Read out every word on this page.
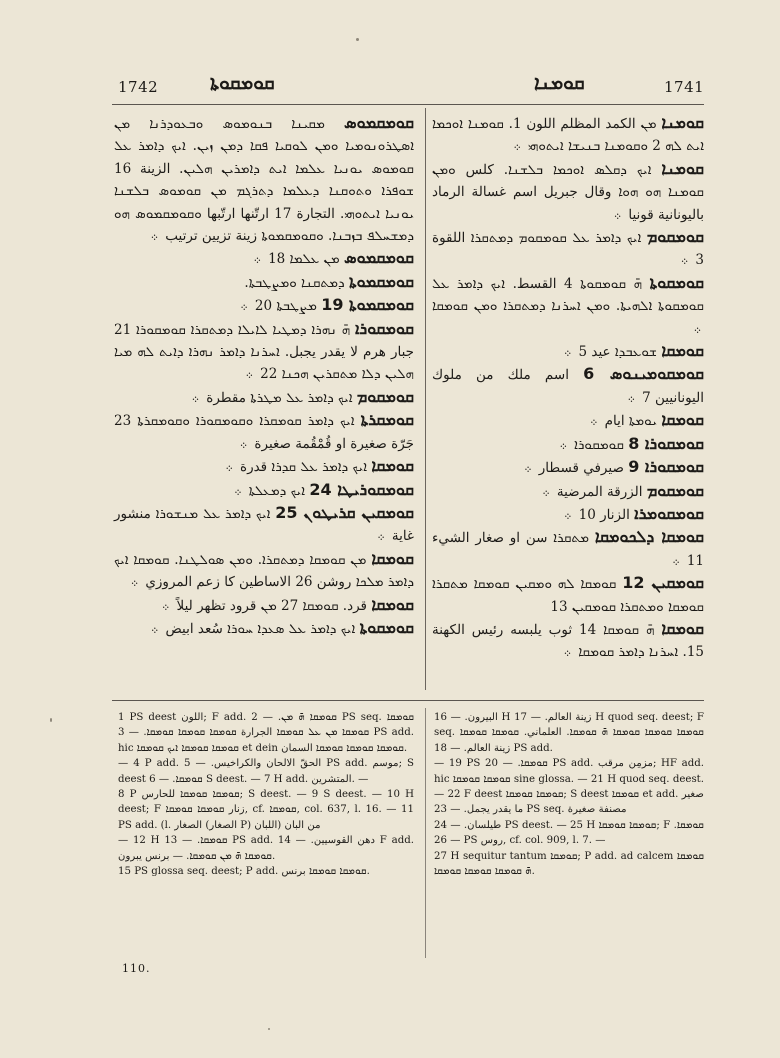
1742	ܩܘܡܩܘܬܐ	ܩܘܡܢܐ	1741

ܩܘܡܩܡܘܣ ܡܩܝܢܐ ܒܢܘܡܘܣ ܘܒܥܘܕܪܢܐ ܡܢ ܐܣܛܪܘܢܘܡܝܐ ܘܡܢ ܠܘܩܝܐ ܦܩܐ ܕܡܢ ܙܝܢ. ܐܝܟ ܕܐܡܪ ܥܠ ܩܘܡܘܣ ܝܘܢܝܐ ܥܠܡܐ ܐܝܬ ܕܐܡܪܝܢ ܗܠܝܢ. الزينة 16 ܫܘܦܪܐ ܘܬܘܩܢܐ ܕܥܠܡܐ ܕܬܪܓܡ ܡܢ ܩܘܡܘܣ ܒܠܫܢܐ ܝܘܢܝܐ ܐܝܬܘܗܝ. التجارة 17 ارتّنها ارتّبها ܘܩܘܡܩܡܘܣ ܗܘ ܕܡܫܚܠܦ ܒܙܒܢܐ. ܘܩܘܡܩܡܘܬܐ زينة تزيين ترتيب ܀

ܩܘܡܩܡܘܣ ܡܢ ܥܠܡܐ 18 ܀

ܩܘܡܩܡܘܬܐ ܕܡܬܩܢܐ ܘܡܨܛܒܬܐ.

ܩܘܡܩܡܘܬܐ 19 ܡܨܛܒܬܐ 20 ܀

ܩܘܡܩܘܪܐ ܗ̄ ܢܗܪܐ ܕܡܛܝܐ ܠܐܝܠܐ ܕܡܬܩܪܐ ܩܘܡܩܘܪܐ 21 جبار هرم لا يقدر يجبل. ܐܚܪܢܐ ܕܐܡܪ ܢܗܪܐ ܕܐܝܬ ܠܗ ܡܝܐ ܗܠܝܢ ܕܠܐ ܡܬܩܪܝܢ ܗܟܢܐ 22 ܀

ܩܘܡܩܘܡ ܐܝܟ ܕܐܡܪ ܥܠ ܡܛܪܬܐ مقطرة ܀

ܩܘܡܩܪܬܐ ܐܝܟ ܕܐܡܪ ܩܘܡܩܪܐ ܘܩܘܡܩܘܪܐ ܘܩܘܡܩܪܬܐ 23 جَرّة صغيرة او قُمْقُمة صغيرة ܀

ܩܘܡܩܐ ܐܝܟ ܕܐܡܪ ܥܠ ܩܕܪܐ قدرة ܀

ܩܘܡܩܘܪܝܛܐ 24 ܐܝܟ ܕܡܥܠܬܐ ܀

ܩܘܡܩܝܢ ܩܪܝܛܘܢ 25 ܐܝܟ ܕܐܡܪ ܥܠ ܡܢܫܘܪܐ منشور غاية ܀

ܩܘܡܩܐ ܡܢ ܩܘܡܩܐ ܕܡܬܩܪܐ. ܘܡܢ ܣܘܠܛܢܐ. ܩܘܡܩܐ ܐܝܟ ܕܐܡܪ ܡܠܟܐ روشن 26 الاساطين كا زعم المروزي ܀

ܩܘܡܩܐ قرد. ܩܘܡܩܐ 27 ܡܢ قرود تظهر ليلاً ܀

ܩܘܡܩܘܬܐ ܐܝܟ ܕܐܡܪ ܥܠ ܣܥܕܐ ܚܘܪܐ سُعد ابيض ܀

ܩܘܡܢܐ ܡܢ الكمد المظلم اللون 1. ܩܘܡܢܐ ܐܘܟܡܐ ܐܝܬ ܠܗ 2 ܘܩܘܡܢܐ ܒܢܝܫܐ ܐܝܬܘܗܝ ܀

ܩܘܡܢܐ ܐܝܟ ܕܩܠܣ ܐܘܟܡܐ ܒܠܫܢܐ. كلس ܘܡܢ ܩܘܡܢܐ ܗܘ ܗܘܐ وقال جبريل اسم غسالة الرماد باليونانية قونيا ܀

ܩܘܡܩܘܡ ܐܝܟ ܕܐܡܪ ܥܠ ܩܘܡܩܘܡ ܕܡܬܩܪܐ اللقوة 3 ܀

ܩܘܡܩܘܬܐ ܗ̄ ܩܘܡܩܘܬܐ 4 القسط. ܐܝܟ ܕܐܡܪ ܥܠ ܩܘܡܩܘܬܐ ܐܠܗܝܬܐ. ܘܡܢ ܐܚܪܢܐ ܕܡܬܩܪܐ ܘܡܢ ܩܘܡܩܐ ܀

ܩܘܡܩܐ ܫܘܥܒܕܐ عيد 5 ܀

ܩܘܡܩܘܡܝܢܘܣ 6 اسم ملك من ملوك اليونانيين 7 ܀

ܩܘܡܩܐ ܝܘܡܬܐ ايام ܀

ܩܘܡܩܘܪܐ 8 ܩܘܡܩܘܪܐ ܀

ܩܘܡܩܘܪܐ 9 صيرفي قسطار ܀

ܩܘܡܩܘܡ الزرقة المرضية ܀

ܩܘܡܩܘܡܪܐ الزنار 10 ܀

ܩܘܡܩܐ ܕܠܟܘܡܩܐ ܡܬܩܪܐ سن او صغار الشيء 11 ܀

ܩܘܡܩܝܢ 12 ܩܘܡܩܐ ܠܗ ܘܡܩܝܢ ܩܘܡܩܐ ܡܬܩܪܐ ܩܘܡܩܐ ܘܡܬܩܪܐ ܩܘܡܩܝܢ 13

ܩܘܡܩܐ ܗ̄ ܩܘܡܩܐ 14 ثوب يلبسه رئيس الكهنة 15. ܐܚܪܢܐ ܕܐܡܪ ܩܘܡܩܐ ܀

1 PS deest اللون; F add. ܩܘܡܩܐ ܗ̄ ܡܢ. — 2 PS seq. ܩܘܡܩܐ ܩܘܡܩܐ ܡܢ ܥܠ ܩܘܡܩܐ الجرارة ܩܘܡܩܐ ܩܘܡܩܐ ܩܘܡܩܐ. — 3 PS add. hic ܩܘܡܩܐ ܩܘܡܩܐ ܐܝܟ ܩܘܡܩܐ et dein ܩܘܡܩܐ ܩܘܡܩܐ ܩܘܡܩܐ السمان.

— 4 P add. الحقّ الالحان والكراخيس. — 5 PS add. موسم; S deest ܩܘܡܩܐ. — 6 S deest. — 7 H add. المتشرين. —

8 P ܩܘܡܩܐ ܩܘܡܩܐ للحارس; S deest. — 9 S deest. — 10 H deest; F زنار ܩܘܡܩܐ ܩܘܡܩܐ, cf. ܩܘܡܩܐ, col. 637, l. 16. — 11 PS add. (l. الصغار (الصغار P) من البان (اللبان

— 12 H ܩܘܡܩܐ. — 13 PS add. دهن القوسيين. — 14 F add. ܩܘܡܩܐ ܗ̄ ܡܢ ܩܘܡܩܐ. — برنس يبرون.

15 PS glossa seq. deest; P add. ܩܘܡܩܐ ܩܘܡܩܐ برنس.

البيرون. — 16 H زينة العالم. — 17 H quod seq. deest; F seq. ܩܘܡܩܐ ܩܘܡܩܐ ܩܘܡܩܐ ܗ̄ ܩܘܡܩܐ. العلماني. ܩܘܡܩܐ ܩܘܡܩܐ زينة العالم. — 18 PS add.

— 19 PS ܩܘܡܩܐ. — 20 PS add. مزمِن مرقب; HF add. hic ܩܘܡܩܐ ܩܘܡܩܐ sine glossa. — 21 H quod seq. deest. — 22 F deest ܩܘܡܩܐ ܩܘܡܩܐ; S deest ܩܘܡܩܐ et add. صغير ما يقدر يجمل. — 23 PS seq. مصنفة صغيرة

طيلسان. — 24 PS deest. — 25 H ܩܘܡܩܐ ܩܘܡܩܐ; F ܩܘܡܩܐ. — 26 PS روس, cf. col. 909, l. 7. —

27 H sequitur tantum ܩܘܡܩܐ; P add. ad calcem ܩܘܡܩܐ ܗ̄ ܩܘܡܩܐ ܩܘܡܩܐ ܩܘܡܩܐ.

110.
